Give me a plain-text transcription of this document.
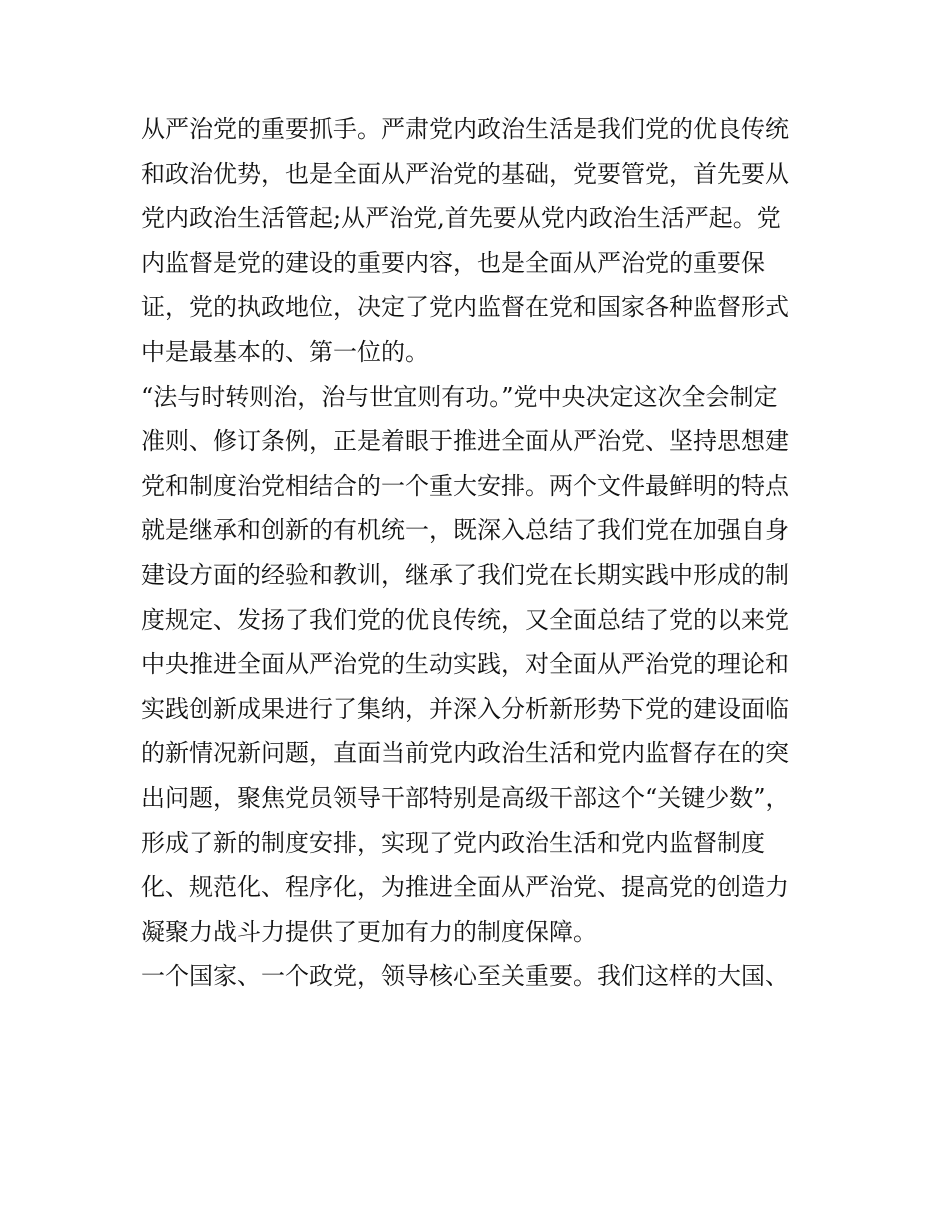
从严治党的重要抓手。严肃党内政治生活是我们党的优良传统
和政治优势，也是全面从严治党的基础，党要管党，首先要从
党内政治生活管起;从严治党,首先要从党内政治生活严起。党
内监督是党的建设的重要内容，也是全面从严治党的重要保
证，党的执政地位，决定了党内监督在党和国家各种监督形式
中是最基本的、第一位的。
“法与时转则治，治与世宜则有功。”党中央决定这次全会制定
准则、修订条例，正是着眼于推进全面从严治党、坚持思想建
党和制度治党相结合的一个重大安排。两个文件最鲜明的特点
就是继承和创新的有机统一，既深入总结了我们党在加强自身
建设方面的经验和教训，继承了我们党在长期实践中形成的制
度规定、发扬了我们党的优良传统，又全面总结了党的以来党
中央推进全面从严治党的生动实践，对全面从严治党的理论和
实践创新成果进行了集纳，并深入分析新形势下党的建设面临
的新情况新问题，直面当前党内政治生活和党内监督存在的突
出问题，聚焦党员领导干部特别是高级干部这个“关键少数”，
形成了新的制度安排，实现了党内政治生活和党内监督制度
化、规范化、程序化，为推进全面从严治党、提高党的创造力
凝聚力战斗力提供了更加有力的制度保障。
一个国家、一个政党，领导核心至关重要。我们这样的大国、
